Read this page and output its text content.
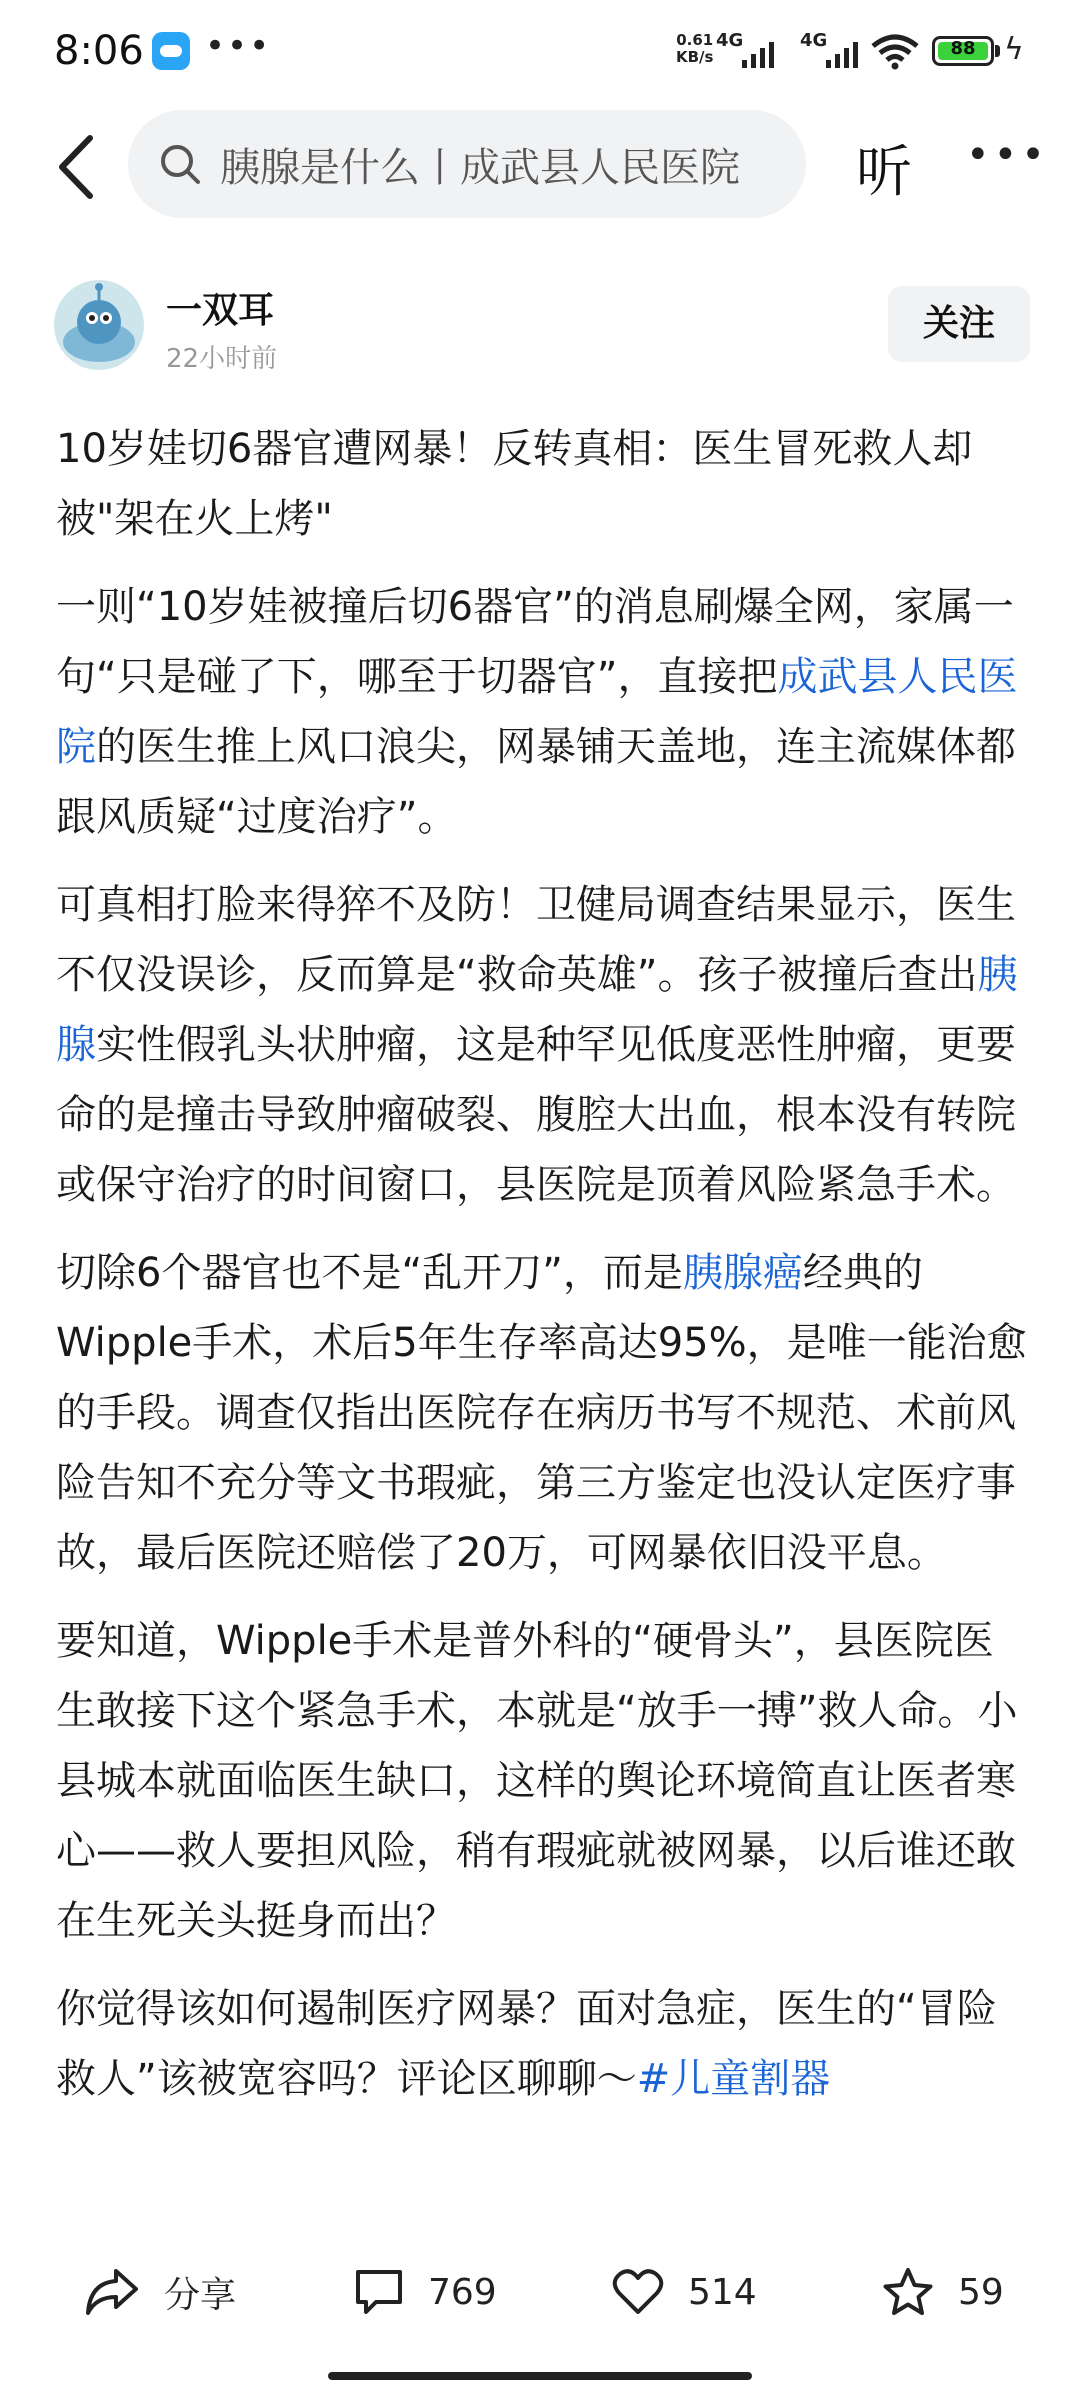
8:06 •••	0.61
KB/s
4G	4G	88 ϟ
胰腺是什么丨成武县人民医院 听 •••
一双耳
22小时前
关注

10岁娃切6器官遭网暴！反转真相：医生冒死救人却被"架在火上烤"

一则“10岁娃被撞后切6器官”的消息刷爆全网，家属一句“只是碰了下，哪至于切器官”，直接把成武县人民医院的医生推上风口浪尖，网暴铺天盖地，连主流媒体都跟风质疑“过度治疗”。

可真相打脸来得猝不及防！卫健局调查结果显示，医生不仅没误诊，反而算是“救命英雄”。孩子被撞后查出胰腺实性假乳头状肿瘤，这是种罕见低度恶性肿瘤，更要命的是撞击导致肿瘤破裂、腹腔大出血，根本没有转院或保守治疗的时间窗口，县医院是顶着风险紧急手术。

切除6个器官也不是“乱开刀”，而是胰腺癌经典的Wipple手术，术后5年生存率高达95%，是唯一能治愈的手段。调查仅指出医院存在病历书写不规范、术前风险告知不充分等文书瑕疵，第三方鉴定也没认定医疗事故，最后医院还赔偿了20万，可网暴依旧没平息。

要知道，Wipple手术是普外科的“硬骨头”，县医院医生敢接下这个紧急手术，本就是“放手一搏”救人命。小县城本就面临医生缺口，这样的舆论环境简直让医者寒心——救人要担风险，稍有瑕疵就被网暴，以后谁还敢在生死关头挺身而出？

你觉得该如何遏制医疗网暴？面对急症，医生的“冒险救人”该被宽容吗？评论区聊聊～#儿童割器

分享	769	514	59
